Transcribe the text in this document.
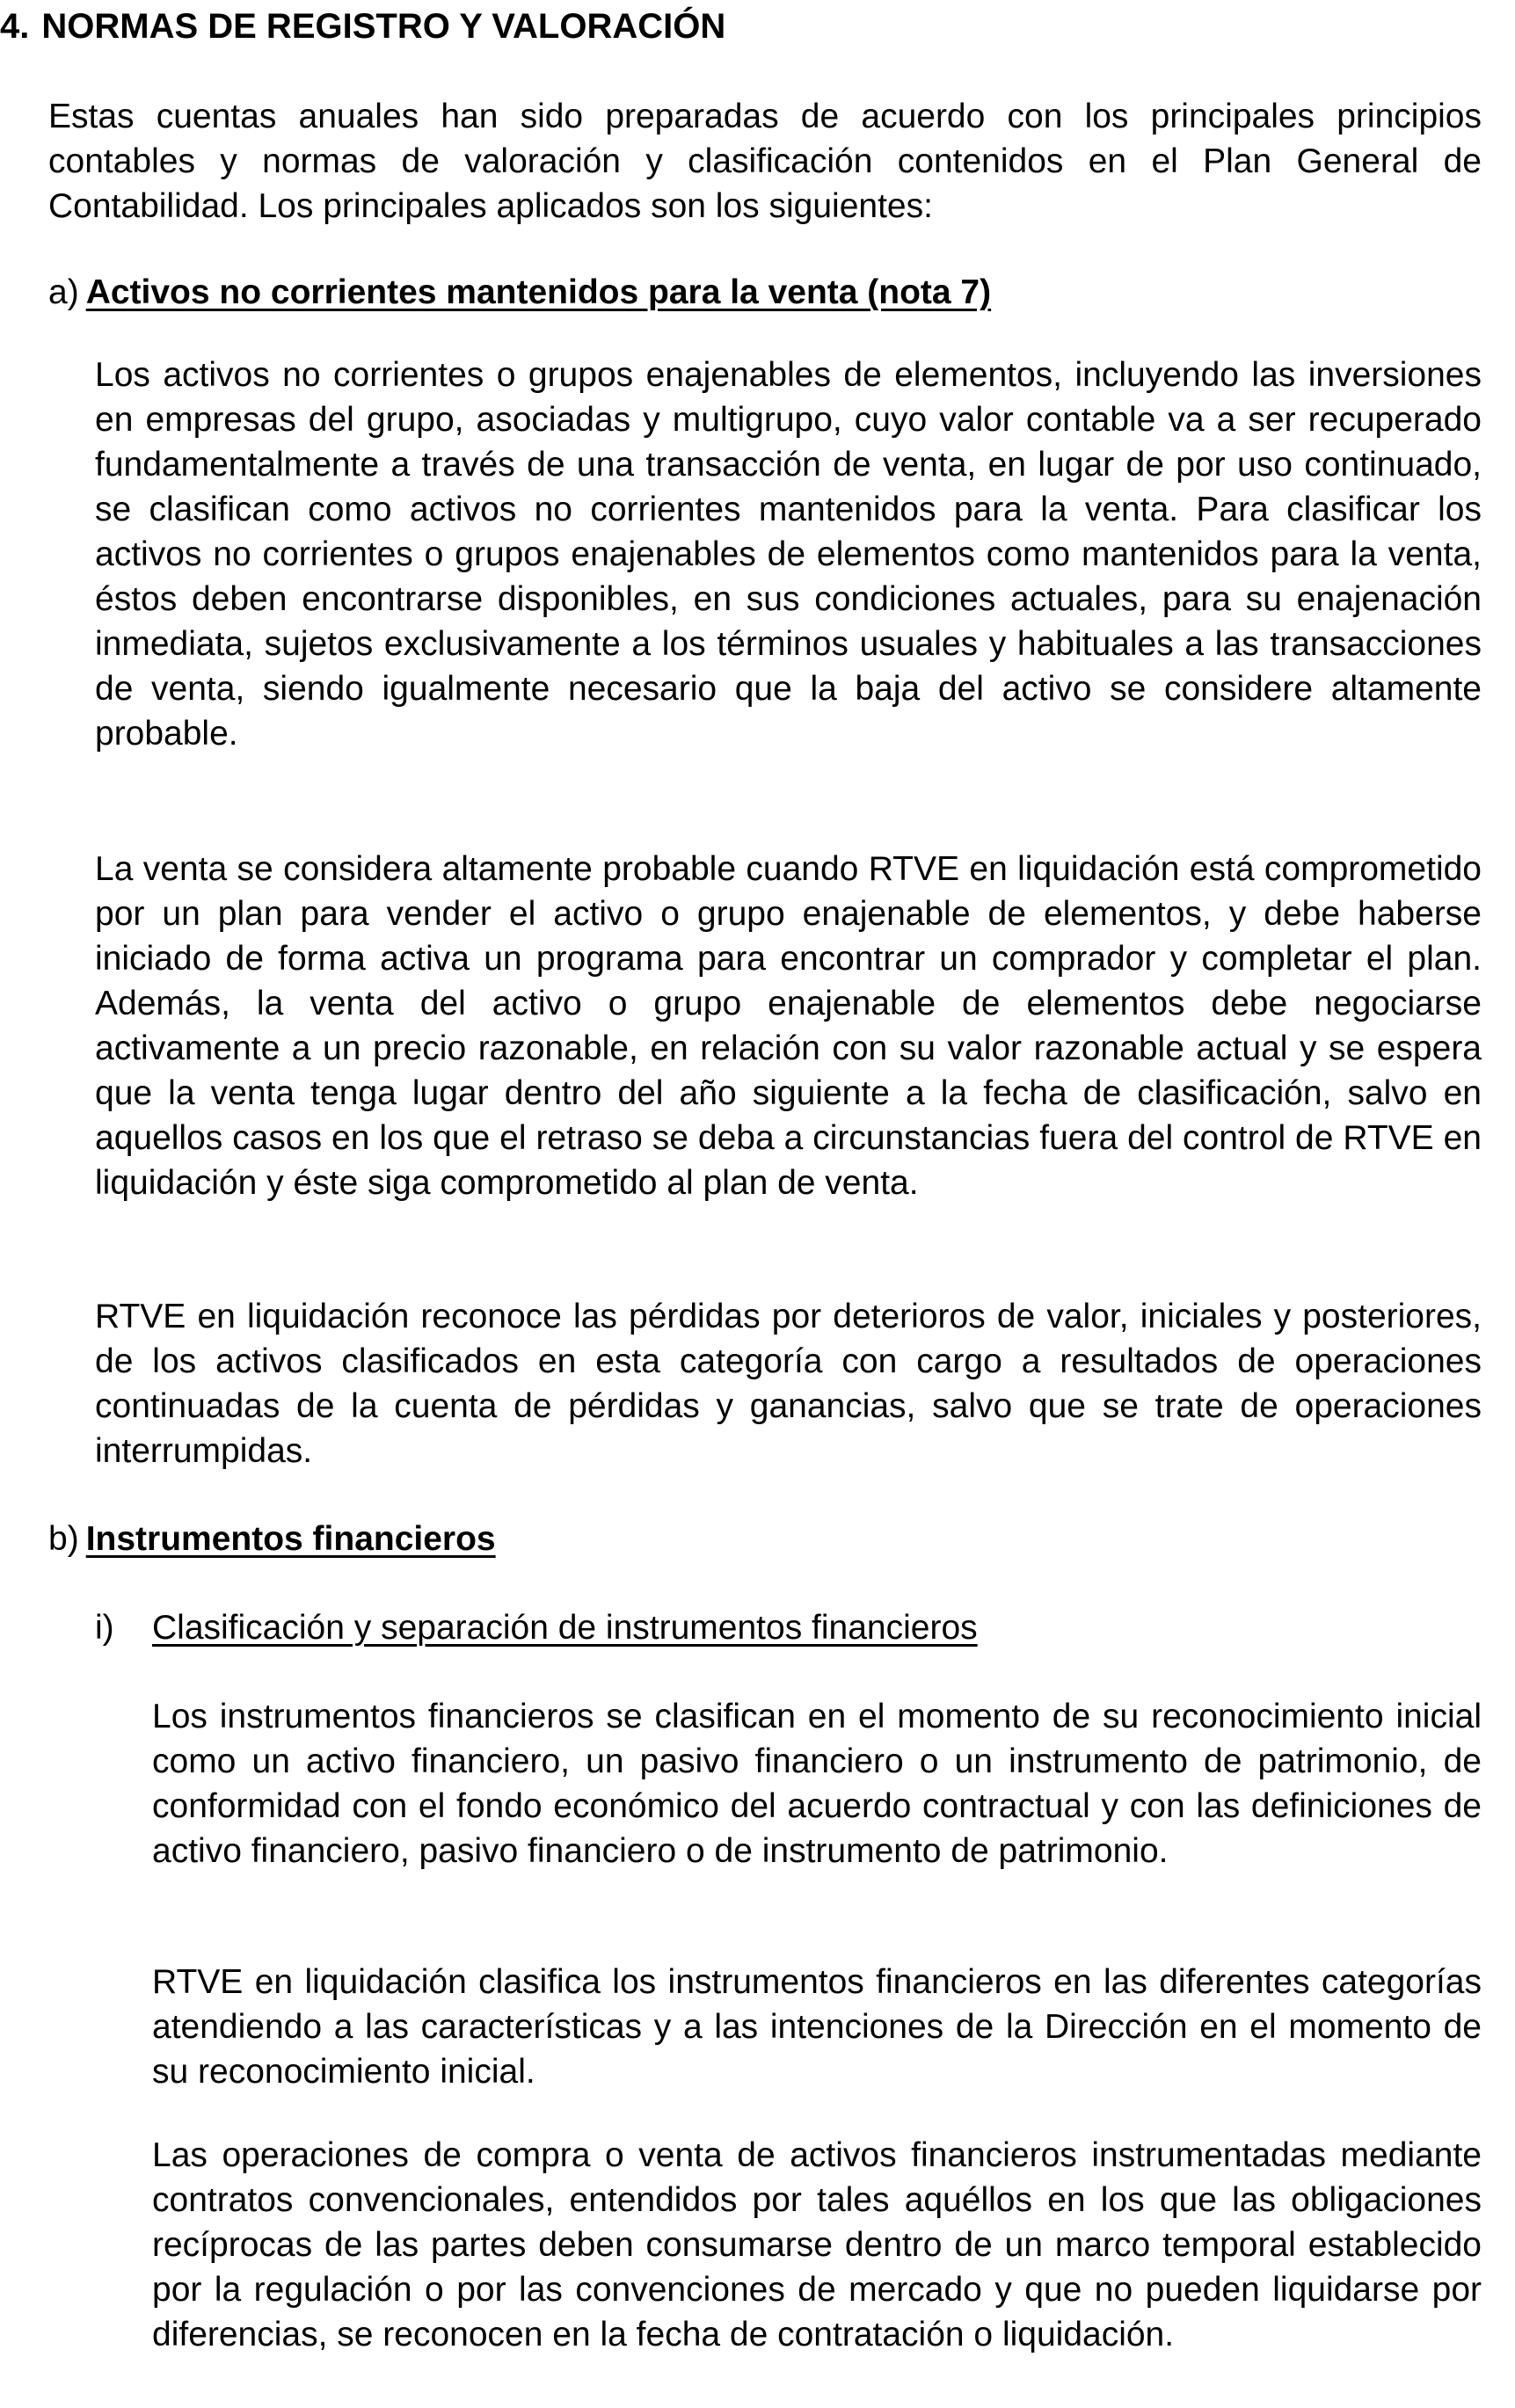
4. NORMAS DE REGISTRO Y VALORACIÓN

Estas cuentas anuales han sido preparadas de acuerdo con los principales principios contables y normas de valoración y clasificación contenidos en el Plan General de Contabilidad. Los principales aplicados son los siguientes:

a) Activos no corrientes mantenidos para la venta (nota 7)

Los activos no corrientes o grupos enajenables de elementos, incluyendo las inversiones en empresas del grupo, asociadas y multigrupo, cuyo valor contable va a ser recuperado fundamentalmente a través de una transacción de venta, en lugar de por uso continuado, se clasifican como activos no corrientes mantenidos para la venta. Para clasificar los activos no corrientes o grupos enajenables de elementos como mantenidos para la venta, éstos deben encontrarse disponibles, en sus condiciones actuales, para su enajenación inmediata, sujetos exclusivamente a los términos usuales y habituales a las transacciones de venta, siendo igualmente necesario que la baja del activo se considere altamente probable.

La venta se considera altamente probable cuando RTVE en liquidación está comprometido por un plan para vender el activo o grupo enajenable de elementos, y debe haberse iniciado de forma activa un programa para encontrar un comprador y completar el plan. Además, la venta del activo o grupo enajenable de elementos debe negociarse activamente a un precio razonable, en relación con su valor razonable actual y se espera que la venta tenga lugar dentro del año siguiente a la fecha de clasificación, salvo en aquellos casos en los que el retraso se deba a circunstancias fuera del control de RTVE en liquidación y éste siga comprometido al plan de venta.

RTVE en liquidación reconoce las pérdidas por deterioros de valor, iniciales y posteriores, de los activos clasificados en esta categoría con cargo a resultados de operaciones continuadas de la cuenta de pérdidas y ganancias, salvo que se trate de operaciones interrumpidas.

b) Instrumentos financieros

i) Clasificación y separación de instrumentos financieros

Los instrumentos financieros se clasifican en el momento de su reconocimiento inicial como un activo financiero, un pasivo financiero o un instrumento de patrimonio, de conformidad con el fondo económico del acuerdo contractual y con las definiciones de activo financiero, pasivo financiero o de instrumento de patrimonio.

RTVE en liquidación clasifica los instrumentos financieros en las diferentes categorías atendiendo a las características y a las intenciones de la Dirección en el momento de su reconocimiento inicial.

Las operaciones de compra o venta de activos financieros instrumentadas mediante contratos convencionales, entendidos por tales aquéllos en los que las obligaciones recíprocas de las partes deben consumarse dentro de un marco temporal establecido por la regulación o por las convenciones de mercado y que no pueden liquidarse por diferencias, se reconocen en la fecha de contratación o liquidación.
